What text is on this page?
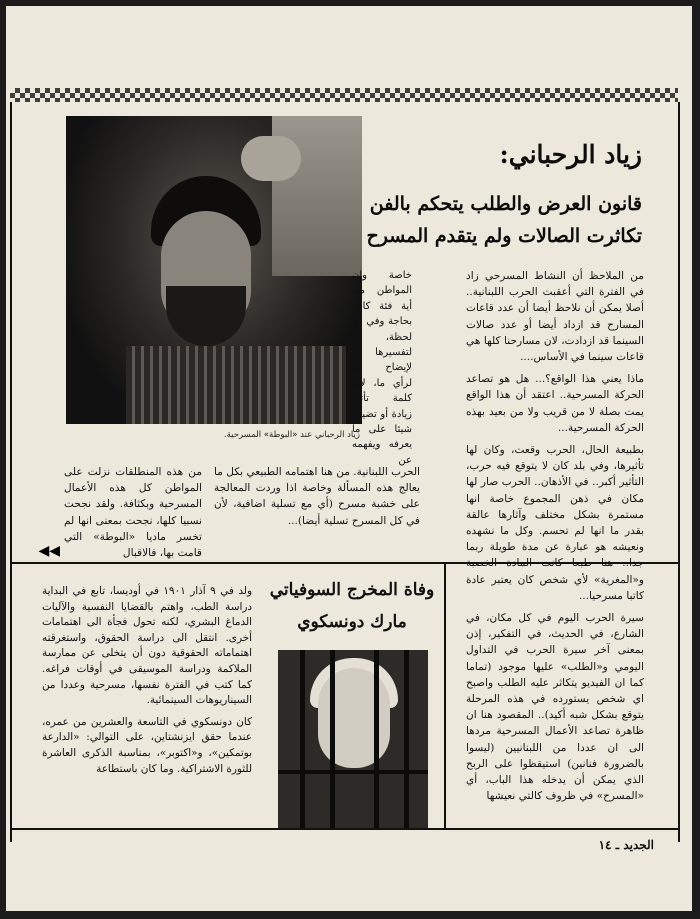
زياد الرحباني عند «البوطة» المسرحية.
زياد الرحباني:
قانون العرض والطلب يتحكم بالفن
تكاثرت الصالات ولم يتقدم المسرح
من الملاحظ أن النشاط المسرحي زاد في الفترة التي أعقبت الحرب اللبنانية.. أصلا يمكن أن نلاحظ أيضا أن عدد قاعات المسارح قد ازداد أيضا أو عدد صالات السينما قد ازدادت، لان مسارحنا كلها هي قاعات سينما في الأساس....
ماذا يعني هذا الواقع؟... هل هو تصاعد الحركة المسرحية.. اعتقد أن هذا الواقع يمت بصلة لا من قريب ولا من بعيد بهذه الحركة المسرحية...
بطبيعة الحال، الحرب وقعت، وكان لها تأثيرها، وفي بلد كان لا يتوقع فيه حرب، التأثير أكبر.. في الأذهان.. الحرب صار لها مكان في ذهن المجموع خاصة انها مستمرة بشكل مختلف وآثارها عالقة بقدر ما انها لم تحسم. وكل ما نشهده ونعيشه هو عبارة عن مدة طويلة ربما جدا.. هنا طبعا كانت المادة الخصبة و«المغرية» لأي شخص كان يعتبر عادة كاتبا مسرحيا...
سيرة الحرب اليوم في كل مكان، في الشارع، في الحديث، في التفكير، إذن بمعنى آخر سيرة الحرب في التداول اليومي و«الطلب» عليها موجود (تماما كما ان الفيديو يتكاثر عليه الطلب واصبح اي شخص يستورده في هذه المرحلة يتوقع بشكل شبه أكيد).. المقصود هنا ان ظاهرة تصاعد الأعمال المسرحية مردها الى ان عددا من اللبنانيين (ليسوا بالضرورة فنانين) استيقظوا على الربح الذي يمكن أن يدخله هذا الباب، أي «المسرح» في ظروف كالتي نعيشها
خاصة وان المواطن من أية فئة كان، بحاجة وفي أي لحظة، لتفسيرها لإيضاح ما لرأي ما، لأي كلمة تأتي زيادة أو تضيف شيئا على ما يعرفه ويفهمه عن
الحرب اللبنانية. من هنا اهتمامه الطبيعي بكل ما يعالج هذه المسألة وخاصة اذا وردت المعالجة على خشبة مسرح (أي مع تسلية اضافية، لأن في كل المسرح تسلية أيضا)...
من هذه المنطلقات نزلت على المواطن كل هذه الأعمال المسرحية وبكثافة. ولقد نجحت نسبيا كلها، نجحت بمعنى انها لم تخسر ماديا «البوطة» التي قامت بها، فالاقبال
◀◀
وفاة المخرج السوفياتي
مارك دونسكوي
ولد في ٩ آذار ١٩٠١ في أوديسا، تابع في البداية دراسة الطب، واهتم بالقضايا النفسية والآليات الدماغ البشري، لكنه تحول فجأة الى اهتمامات أخرى. انتقل الى دراسة الحقوق، واستغرقته اهتماماته الحقوقية دون أن يتخلى عن ممارسة الملاكمة ودراسة الموسيقى في أوقات فراغه. كما كتب في الفترة نفسها، مسرحية وعددا من السيناريوهات السينمائية.
كان دونسكوي في التاسعة والعشرين من عمره، عندما حقق ايزنشتاين، على التوالي: «الدارعة بوتمكين»، و«اكتوبر»، بمناسبة الذكرى العاشرة للثورة الاشتراكية. وما كان باستطاعة
الجديد ـ ١٤
